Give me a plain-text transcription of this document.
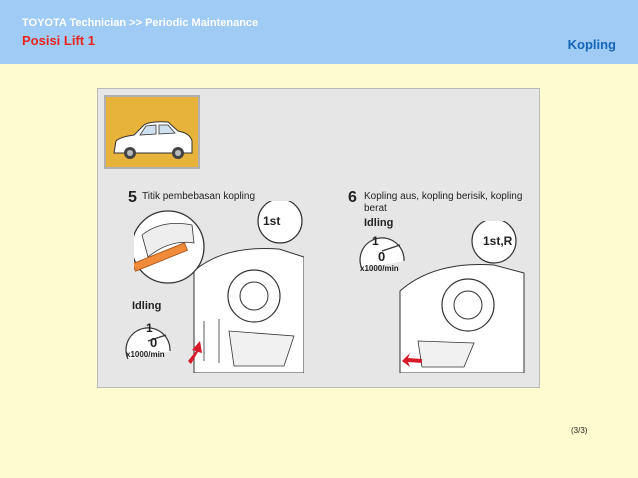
TOYOTA Technician >> Periodic Maintenance
Posisi Lift 1	Kopling
5 Titik pembebasan kopling
1st
Idling
1
0
x1000/min
6 Kopling aus, kopling berisik, kopling berat
Idling
1
0
x1000/min
1st,R
(3/3)
